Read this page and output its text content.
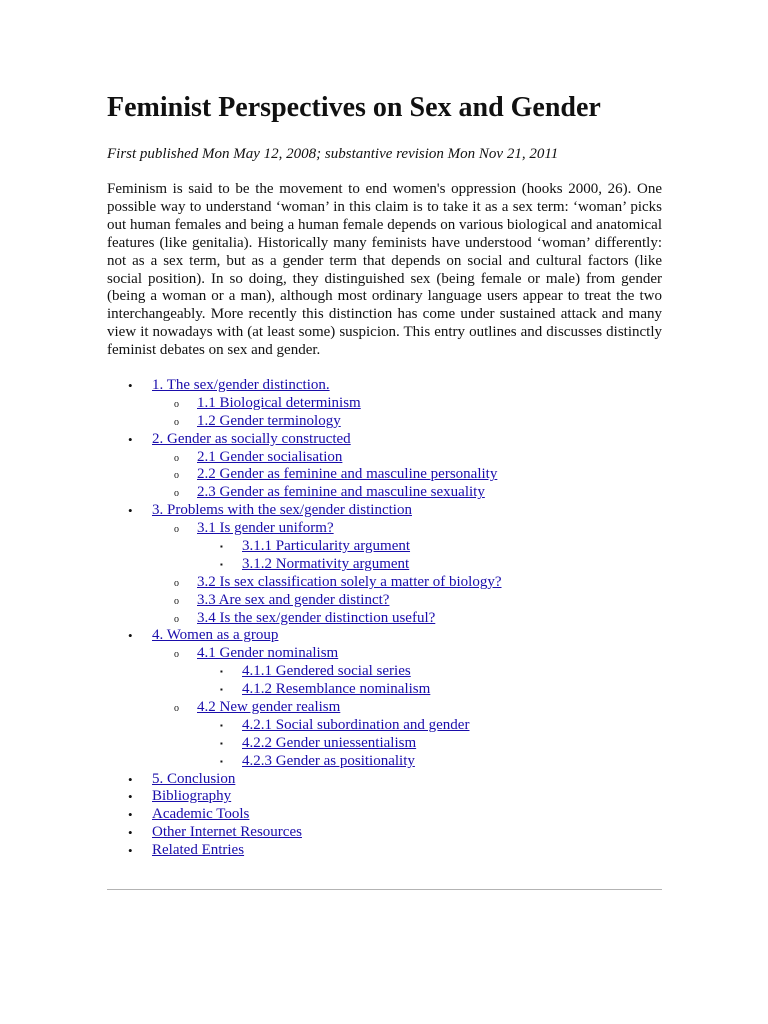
Feminist Perspectives on Sex and Gender

First published Mon May 12, 2008; substantive revision Mon Nov 21, 2011

Feminism is said to be the movement to end women's oppression (hooks 2000, 26). One possible way to understand ‘woman’ in this claim is to take it as a sex term: ‘woman’ picks out human females and being a human female depends on various biological and anatomical features (like genitalia). Historically many feminists have understood ‘woman’ differently: not as a sex term, but as a gender term that depends on social and cultural factors (like social position). In so doing, they distinguished sex (being female or male) from gender (being a woman or a man), although most ordinary language users appear to treat the two interchangeably. More recently this distinction has come under sustained attack and many view it nowadays with (at least some) suspicion. This entry outlines and discusses distinctly feminist debates on sex and gender.

• 1. The sex/gender distinction.
o 1.1 Biological determinism
o 1.2 Gender terminology
• 2. Gender as socially constructed
o 2.1 Gender socialisation
o 2.2 Gender as feminine and masculine personality
o 2.3 Gender as feminine and masculine sexuality
• 3. Problems with the sex/gender distinction
o 3.1 Is gender uniform?
▪ 3.1.1 Particularity argument
▪ 3.1.2 Normativity argument
o 3.2 Is sex classification solely a matter of biology?
o 3.3 Are sex and gender distinct?
o 3.4 Is the sex/gender distinction useful?
• 4. Women as a group
o 4.1 Gender nominalism
▪ 4.1.1 Gendered social series
▪ 4.1.2 Resemblance nominalism
o 4.2 New gender realism
▪ 4.2.1 Social subordination and gender
▪ 4.2.2 Gender uniessentialism
▪ 4.2.3 Gender as positionality
• 5. Conclusion
• Bibliography
• Academic Tools
• Other Internet Resources
• Related Entries
